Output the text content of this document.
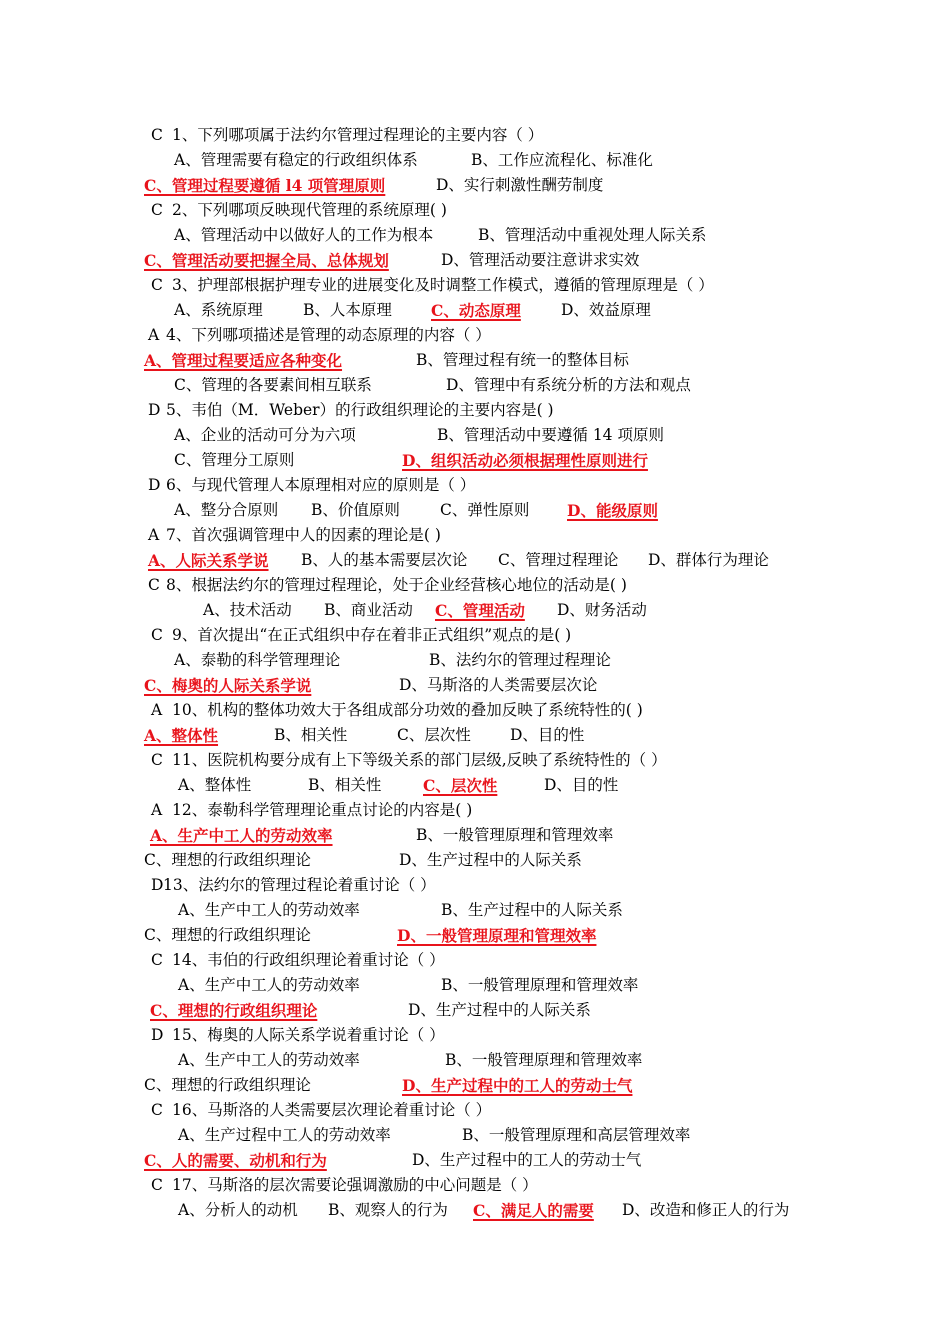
C 1、下列哪项属于法约尔管理过程理论的主要内容（ ）
A、管理需要有稳定的行政组织体系	B、工作应流程化、标准化
C、管理过程要遵循 l4 项管理原则	D、实行刺激性酬劳制度
C 2、下列哪项反映现代管理的系统原理( )
A、管理活动中以做好人的工作为根本	B、管理活动中重视处理人际关系
C、管理活动要把握全局、总体规划	D、管理活动要注意讲求实效
C 3、护理部根据护理专业的进展变化及时调整工作模式，遵循的管理原理是（ ）
A、系统原理	B、人本原理	C、动态原理	D、效益原理
A 4、下列哪项描述是管理的动态原理的内容（ ）
A、管理过程要适应各种变化	B、管理过程有统一的整体目标
C、管理的各要素间相互联系	D、管理中有系统分析的方法和观点
D 5、韦伯（M．Weber）的行政组织理论的主要内容是( )
A、企业的活动可分为六项	B、管理活动中要遵循 14 项原则
C、管理分工原则	D、组织活动必须根据理性原则进行
D 6、与现代管理人本原理相对应的原则是（ ）
A、整分合原则 B、价值原则	C、弹性原则 D、能级原则
A 7、首次强调管理中人的因素的理论是( )
A、人际关系学说 B、人的基本需要层次论 C、管理过程理论 D、群体行为理论
C 8、根据法约尔的管理过程理论，处于企业经营核心地位的活动是( )
A、技术活动 B、商业活动 C、管理活动 D、财务活动
C 9、首次提出“在正式组织中存在着非正式组织”观点的是( )
A、泰勒的科学管理理论	B、法约尔的管理过程理论
C、梅奥的人际关系学说	D、马斯洛的人类需要层次论
A 10、机构的整体功效大于各组成部分功效的叠加反映了系统特性的( )
A、整体性	B、相关性	C、层次性	D、目的性
C 11、医院机构要分成有上下等级关系的部门层级,反映了系统特性的（ ）
A、整体性	B、相关性	C、层次性	D、目的性
A 12、泰勒科学管理理论重点讨论的内容是( )
A、生产中工人的劳动效率	B、一般管理原理和管理效率
C、理想的行政组织理论	D、生产过程中的人际关系
D 13、法约尔的管理过程论着重讨论（ ）
A、生产中工人的劳动效率	B、生产过程中的人际关系
C、理想的行政组织理论	D、一般管理原理和管理效率
C 14、韦伯的行政组织理论着重讨论（ ）
A、生产中工人的劳动效率	B、一般管理原理和管理效率
C、理想的行政组织理论	D、生产过程中的人际关系
D 15、梅奥的人际关系学说着重讨论（ ）
A、生产中工人的劳动效率	B、一般管理原理和管理效率
C、理想的行政组织理论	D、生产过程中的工人的劳动士气
C 16、马斯洛的人类需要层次理论着重讨论（ ）
A、生产过程中工人的劳动效率	B、一般管理原理和高层管理效率
C、人的需要、动机和行为	D、生产过程中的工人的劳动士气
C 17、马斯洛的层次需要论强调激励的中心问题是（ ）
A、分析人的动机 B、观察人的行为 C、满足人的需要 D、改造和修正人的行为
